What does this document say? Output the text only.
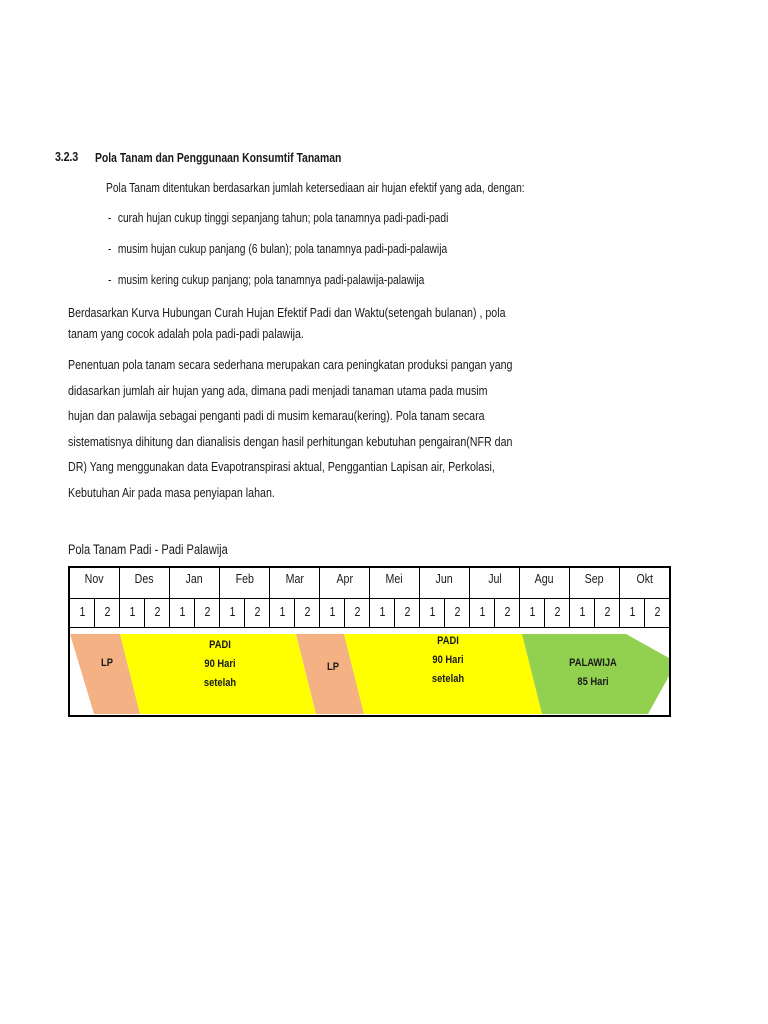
3.2.3 Pola Tanam dan Penggunaan Konsumtif Tanaman
Pola Tanam ditentukan berdasarkan jumlah ketersediaan air hujan efektif yang ada, dengan:
- curah hujan cukup tinggi sepanjang tahun; pola tanamnya padi-padi-padi
- musim hujan cukup panjang (6 bulan); pola tanamnya padi-padi-palawija
- musim kering cukup panjang; pola tanamnya padi-palawija-palawija
Berdasarkan Kurva Hubungan Curah Hujan Efektif Padi dan Waktu(setengah bulanan) , pola
tanam yang cocok adalah pola padi-padi palawija.
Penentuan pola tanam secara sederhana merupakan cara peningkatan produksi pangan yang
didasarkan jumlah air hujan yang ada, dimana padi menjadi tanaman utama pada musim
hujan dan palawija sebagai penganti padi di musim kemarau(kering). Pola tanam secara
sistematisnya dihitung dan dianalisis dengan hasil perhitungan kebutuhan pengairan(NFR dan
DR) Yang menggunakan data Evapotranspirasi aktual, Penggantian Lapisan air, Perkolasi,
Kebutuhan Air pada masa penyiapan lahan.
Pola Tanam Padi - Padi Palawija
Nov	Des	Jan	Feb	Mar	Apr	Mei	Jun	Jul	Agu	Sep	Okt
1	2	1	2	1	2	1	2	1	2	1	2	1	2	1	2	1	2	1	2	1	2	1	2
LP
PADI
90 Hari
setelah
LP
PADI
90 Hari
setelah
PALAWIJA
85 Hari
